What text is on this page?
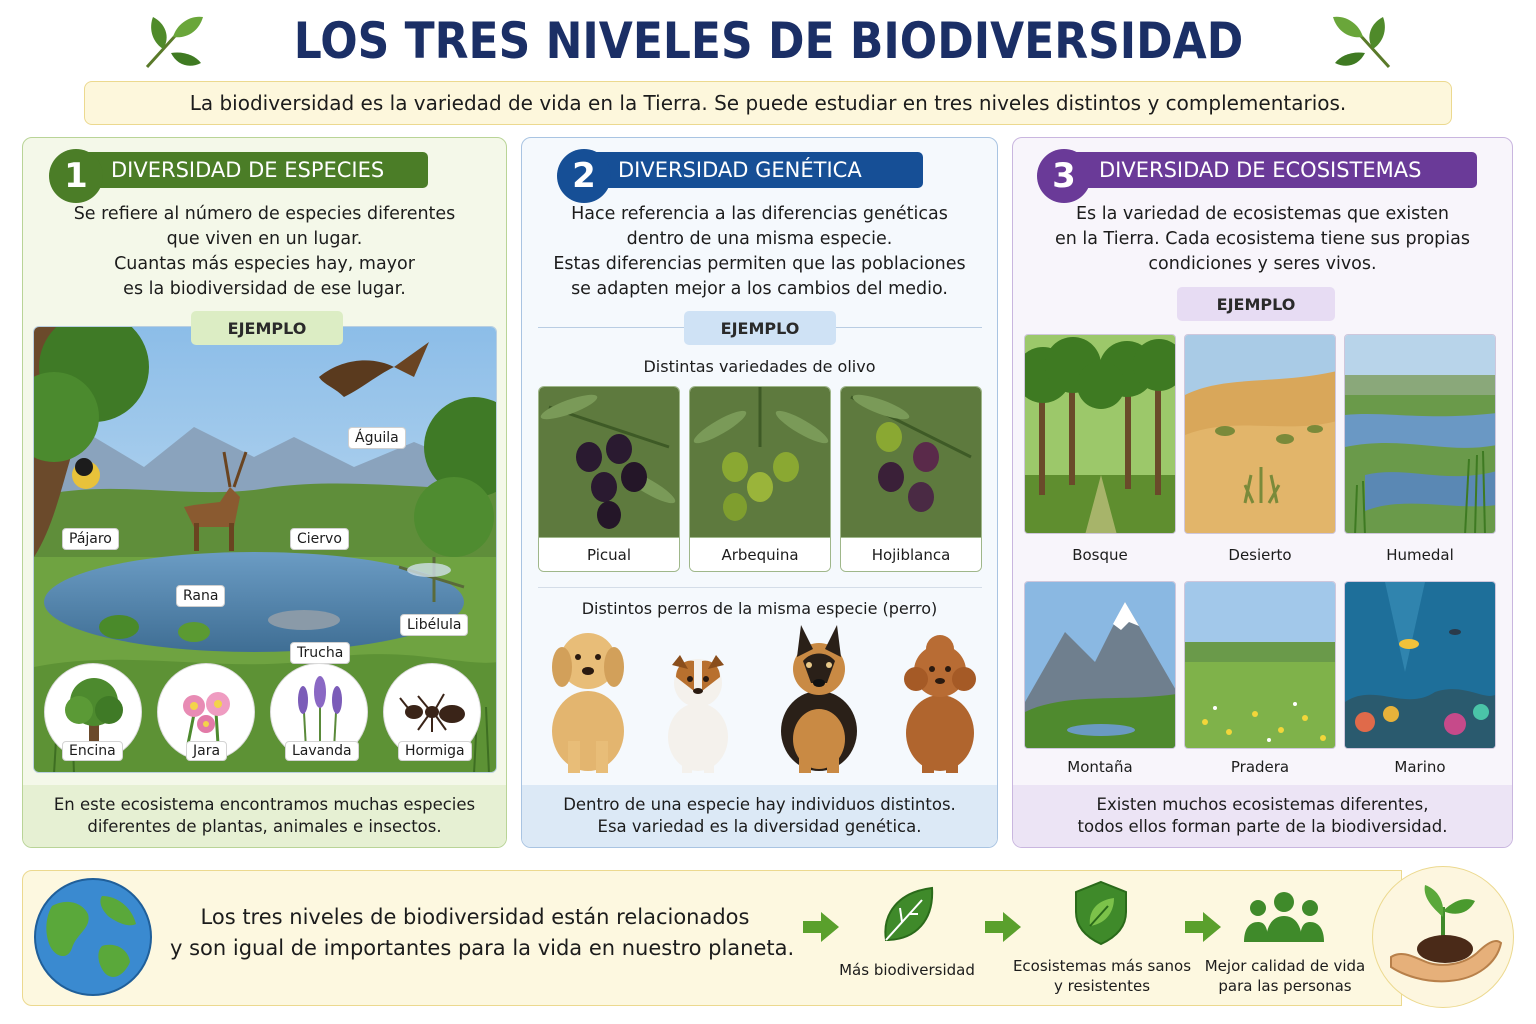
LOS TRES NIVELES DE BIODIVERSIDAD
La biodiversidad es la variedad de vida en la Tierra. Se puede estudiar en tres niveles distintos y complementarios.
DIVERSIDAD DE ESPECIES
1
Se refiere al número de especies diferentes
que viven en un lugar.
Cuantas más especies hay, mayor
es la biodiversidad de ese lugar.
Águila
Pájaro	Ciervo
Rana
Libélula
Trucha
Encina	Jara	Lavanda	Hormiga
EJEMPLO
En este ecosistema encontramos muchas especies
diferentes de plantas, animales e insectos.
DIVERSIDAD GENÉTICA
2
Hace referencia a las diferencias genéticas
dentro de una misma especie.
Estas diferencias permiten que las poblaciones
se adapten mejor a los cambios del medio.
EJEMPLO
Distintas variedades de olivo
Picual	Arbequina	Hojiblanca
Distintos perros de la misma especie (perro)
Dentro de una especie hay individuos distintos.
Esa variedad es la diversidad genética.
DIVERSIDAD DE ECOSISTEMAS
3
Es la variedad de ecosistemas que existen
en la Tierra. Cada ecosistema tiene sus propias
condiciones y seres vivos.
EJEMPLO
Bosque	Desierto	Humedal
Montaña	Pradera	Marino
Existen muchos ecosistemas diferentes,
todos ellos forman parte de la biodiversidad.
Los tres niveles de biodiversidad están relacionados
y son igual de importantes para la vida en nuestro planeta.
Más biodiversidad	Ecosistemas más sanos
y resistentes
Mejor calidad de vida
para las personas
